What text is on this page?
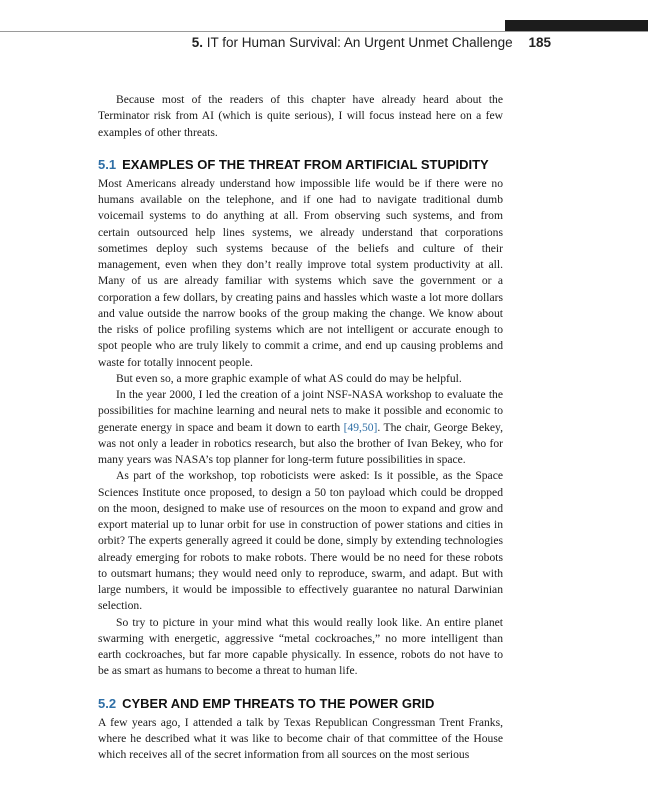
5. IT for Human Survival: An Urgent Unmet Challenge 185

Because most of the readers of this chapter have already heard about the Terminator risk from AI (which is quite serious), I will focus instead here on a few examples of other threats.

5.1 EXAMPLES OF THE THREAT FROM ARTIFICIAL STUPIDITY

Most Americans already understand how impossible life would be if there were no humans available on the telephone, and if one had to navigate traditional dumb voicemail systems to do anything at all. From observing such systems, and from certain outsourced help lines systems, we already understand that corporations sometimes deploy such systems because of the beliefs and culture of their management, even when they don’t really improve total system productivity at all. Many of us are already familiar with systems which save the government or a corporation a few dollars, by creating pains and hassles which waste a lot more dollars and value outside the narrow books of the group making the change. We know about the risks of police profiling systems which are not intelligent or accurate enough to spot people who are truly likely to commit a crime, and end up causing problems and waste for totally innocent people.

But even so, a more graphic example of what AS could do may be helpful.

In the year 2000, I led the creation of a joint NSF-NASA workshop to evaluate the possibilities for machine learning and neural nets to make it possible and economic to generate energy in space and beam it down to earth [49,50]. The chair, George Bekey, was not only a leader in robotics research, but also the brother of Ivan Bekey, who for many years was NASA’s top planner for long-term future possibilities in space.

As part of the workshop, top roboticists were asked: Is it possible, as the Space Sciences Institute once proposed, to design a 50 ton payload which could be dropped on the moon, designed to make use of resources on the moon to expand and grow and export material up to lunar orbit for use in construction of power stations and cities in orbit? The experts generally agreed it could be done, simply by extending technologies already emerging for robots to make robots. There would be no need for these robots to outsmart humans; they would need only to reproduce, swarm, and adapt. But with large numbers, it would be impossible to effectively guarantee no natural Darwinian selection.

So try to picture in your mind what this would really look like. An entire planet swarming with energetic, aggressive “metal cockroaches,” no more intelligent than earth cockroaches, but far more capable physically. In essence, robots do not have to be as smart as humans to become a threat to human life.

5.2 CYBER AND EMP THREATS TO THE POWER GRID

A few years ago, I attended a talk by Texas Republican Congressman Trent Franks, where he described what it was like to become chair of that committee of the House which receives all of the secret information from all sources on the most serious
